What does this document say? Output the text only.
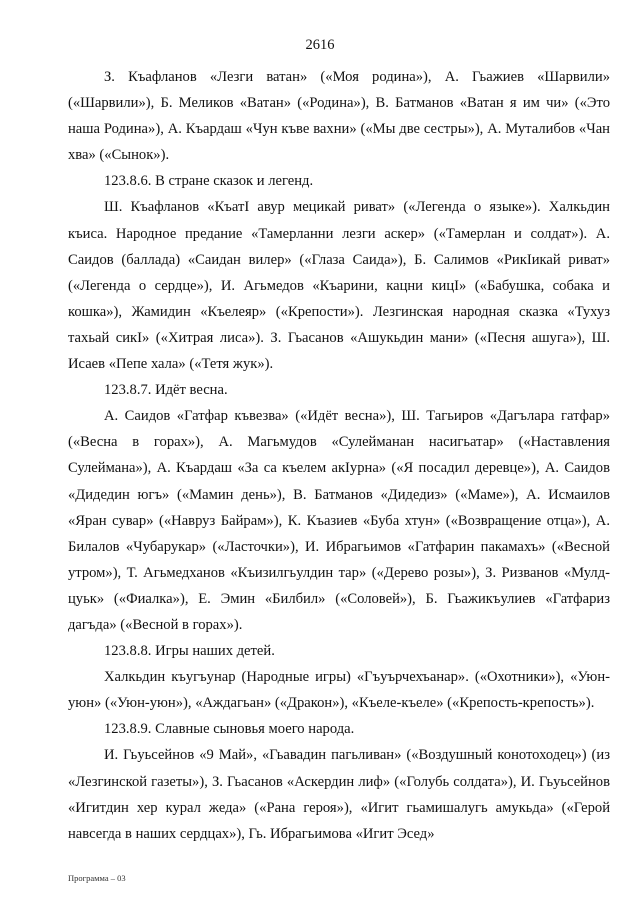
2616

З. Къафланов «Лезги ватан» («Моя родина»), А. Гьажиев «Шарвили» («Шарвили»), Б. Меликов «Ватан» («Родина»), В. Батманов «Ватан я им чи» («Это наша Родина»), А. Къардаш «Чун къве вахни» («Мы две сестры»), А. Муталибов «Чан хва» («Сынок»).

123.8.6. В стране сказок и легенд.

Ш. Къафланов «КъатI авур мецикай риват» («Легенда о языке»). Халкьдин къиса. Народное предание «Тамерланни лезги аскер» («Тамерлан и солдат»). А. Саидов (баллада) «Саидан вилер» («Глаза Саида»), Б. Салимов «РикIикай риват» («Легенда о сердце»), И. Агьмедов «Къарини, кацни кицI» («Бабушка, собака и кошка»), Жамидин «Къелеяр» («Крепости»). Лезгинская народная сказка «Тухуз тахьай сикI» («Хитрая лиса»). З. Гьасанов «Ашукьдин мани» («Песня ашуга»), Ш. Исаев «Пепе хала» («Тетя жук»).

123.8.7. Идёт весна.

А. Саидов «Гатфар къвезва» («Идёт весна»), Ш. Тагьиров «Дагълара гатфар» («Весна в горах»), А. Магьмудов «Сулейманан насигьатар» («Наставления Сулеймана»), А. Къардаш «За са къелем акIурна» («Я посадил деревце»), А. Саидов «Дидедин югъ» («Мамин день»), В. Батманов «Дидедиз» («Маме»), А. Исмаилов «Яран сувар» («Навруз Байрам»), К. Къазиев «Буба хтун» («Возвращение отца»), А. Билалов «Чубарукар» («Ласточки»), И. Ибрагьимов «Гатфарин пакамахъ» («Весной утром»), Т. Агьмедханов «Къизилгьулдин тар» («Дерево розы»), З. Ризванов «Мулд-цуьк» («Фиалка»), Е. Эмин «Билбил» («Соловей»), Б. Гьажикъулиев «Гатфариз дагъда» («Весной в горах»).

123.8.8. Игры наших детей.

Халкьдин къугъунар (Народные игры) «Гъуърчехъанар». («Охотники»), «Уюн-уюн» («Уюн-уюн»), «Аждагьан» («Дракон»), «Къеле-къеле» («Крепость-крепость»).

123.8.9. Славные сыновья моего народа.

И. Гьуьсейнов «9 Май», «Гьавадин пагьливан» («Воздушный конотоходец») (из «Лезгинской газеты»), З. Гьасанов «Аскердин лиф» («Голубь солдата»), И. Гьуьсейнов «Игитдин хер курал жеда» («Рана героя»), «Игит гьамишалугь амукьда» («Герой навсегда в наших сердцах»), Гь. Ибрагьимова «Игит Эсед»

Программа – 03
